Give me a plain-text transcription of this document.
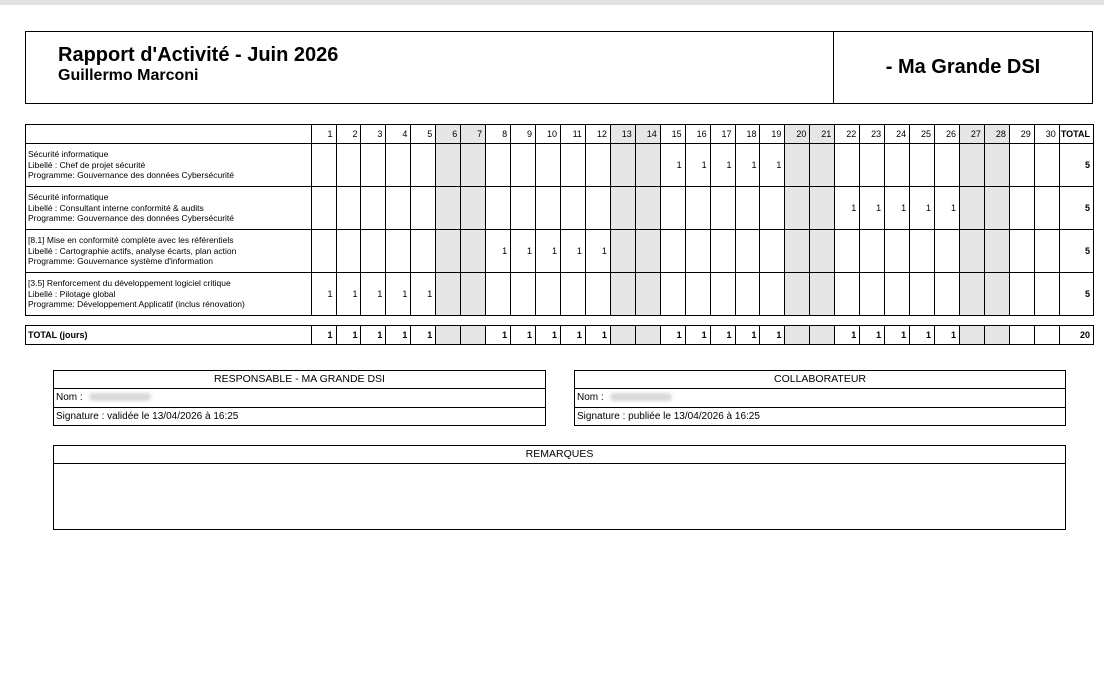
Rapport d'Activité - Juin 2026
Guillermo Marconi	- Ma Grande DSI
	1	2	3	4	5	6	7	8	9	10	11	12	13	14	15	16	17	18	19	20	21	22	23	24	25	26	27	28	29	30	TOTAL

Sécurité informatique
Libellé : Chef de projet sécurité
Programme: Gouvernance des données Cybersécurité															1	1	1	1	1												5

Sécurité informatique
Libellé : Consultant interne conformité & audits
Programme: Gouvernance des données Cybersécurité																						1	1	1	1	1					5

[8.1] Mise en conformité complète avec les référentiels
Libellé : Cartographie actifs, analyse écarts, plan action
Programme: Gouvernance système d'information								1	1	1	1	1																			5

[3.5] Renforcement du développement logiciel critique
Libellé : Pilotage global
Programme: Développement Applicatif (inclus rénovation)	1	1	1	1	1																										5

TOTAL (jours)	1	1	1	1	1			1	1	1	1	1			1	1	1	1	1			1	1	1	1	1					20
RESPONSABLE - MA GRANDE DSI
Nom :
Signature : validée le 13/04/2026 à 16:25
COLLABORATEUR
Nom :
Signature : publiée le 13/04/2026 à 16:25
REMARQUES
